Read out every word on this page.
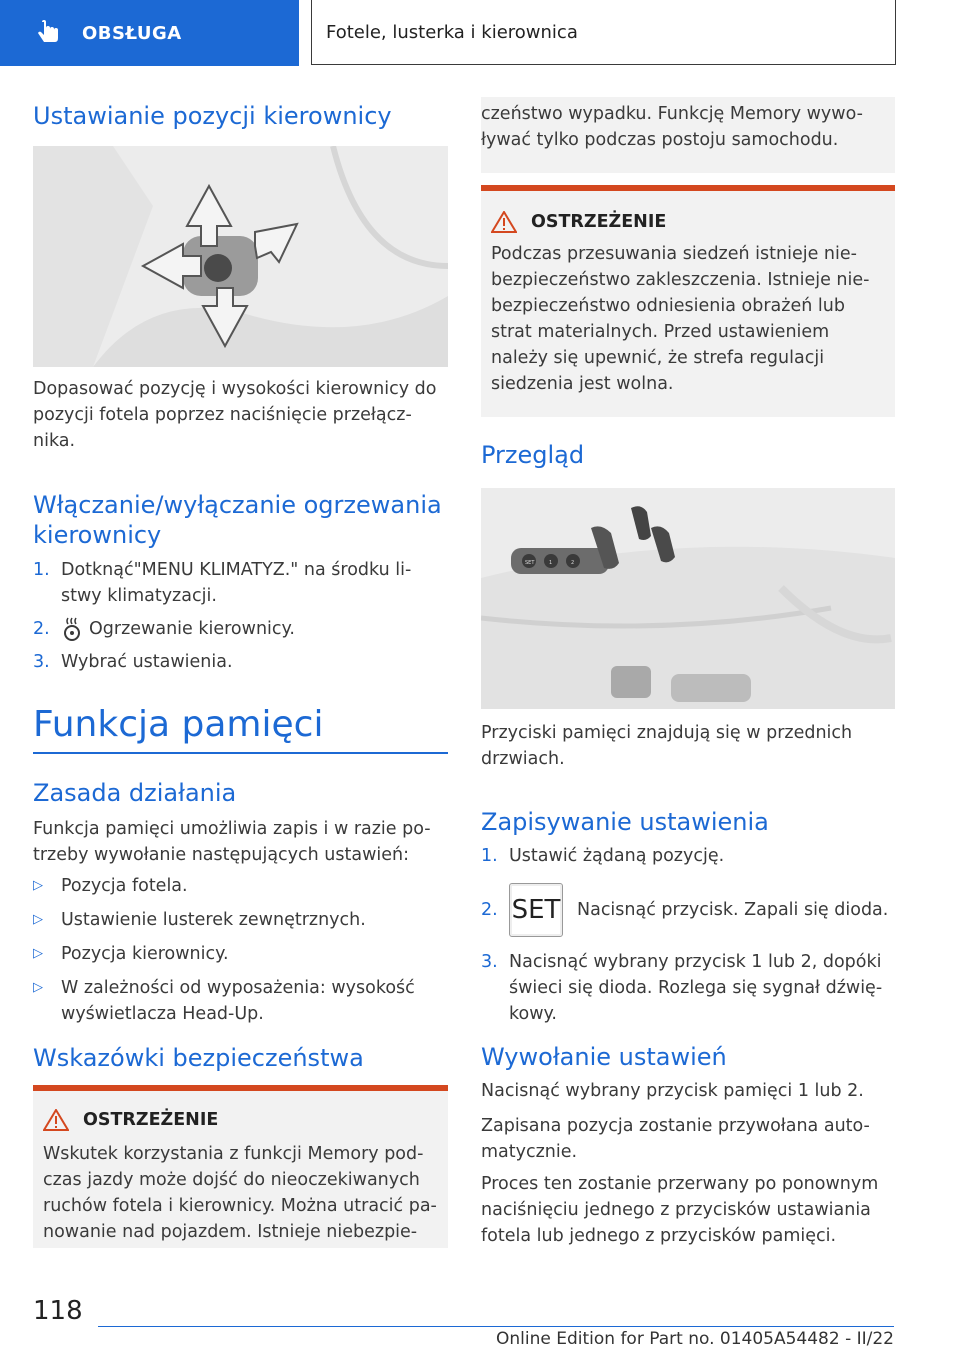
OBSŁUGA	Fotele, lusterka i kierownica
Ustawianie pozycji kierownicy

Dopasować pozycję i wysokości kierownicy do pozycji fotela poprzez naciśnięcie przełącz- nika.

Włączanie/wyłączanie ogrzewania kierownicy
1. Dotknąć"MENU KLIMATYZ." na środku li- stwy klimatyzacji.
2.	Ogrzewanie kierownicy.
3. Wybrać ustawienia.
Funkcja pamięci
Zasada działania

Funkcja pamięci umożliwia zapis i w razie po- trzeby wywołanie następujących ustawień:

▷	Pozycja fotela.
▷	Ustawienie lusterek zewnętrznych.
▷	Pozycja kierownicy.
▷	W zależności od wyposażenia: wysokość wyświetlacza Head-Up.
Wskazówki bezpieczeństwa
OSTRZEŻENIE

Wskutek korzystania z funkcji Memory pod- czas jazdy może dojść do nieoczekiwanych ruchów fotela i kierownicy. Można utracić pa- nowanie nad pojazdem. Istnieje niebezpie-

czeństwo wypadku. Funkcję Memory wywo- ływać tylko podczas postoju samochodu.

OSTRZEŻENIE

Podczas przesuwania siedzeń istnieje nie- bezpieczeństwo zakleszczenia. Istnieje nie- bezpieczeństwo odniesienia obrażeń lub strat materialnych. Przed ustawieniem należy się upewnić, że strefa regulacji siedzenia jest wolna.

Przegląd
SET	1	2

Przyciski pamięci znajdują się w przednich drzwiach.

Zapisywanie ustawienia
1. Ustawić żądaną pozycję.
2. SET Nacisnąć przycisk. Zapali się dioda.
3. Nacisnąć wybrany przycisk 1 lub 2, dopóki świeci się dioda. Rozlega się sygnał dźwię- kowy.
Wywołanie ustawień

Nacisnąć wybrany przycisk pamięci 1 lub 2.

Zapisana pozycja zostanie przywołana auto- matycznie.

Proces ten zostanie przerwany po ponownym naciśnięciu jednego z przycisków ustawiania fotela lub jednego z przycisków pamięci.

118
Online Edition for Part no. 01405A54482 - II/22
